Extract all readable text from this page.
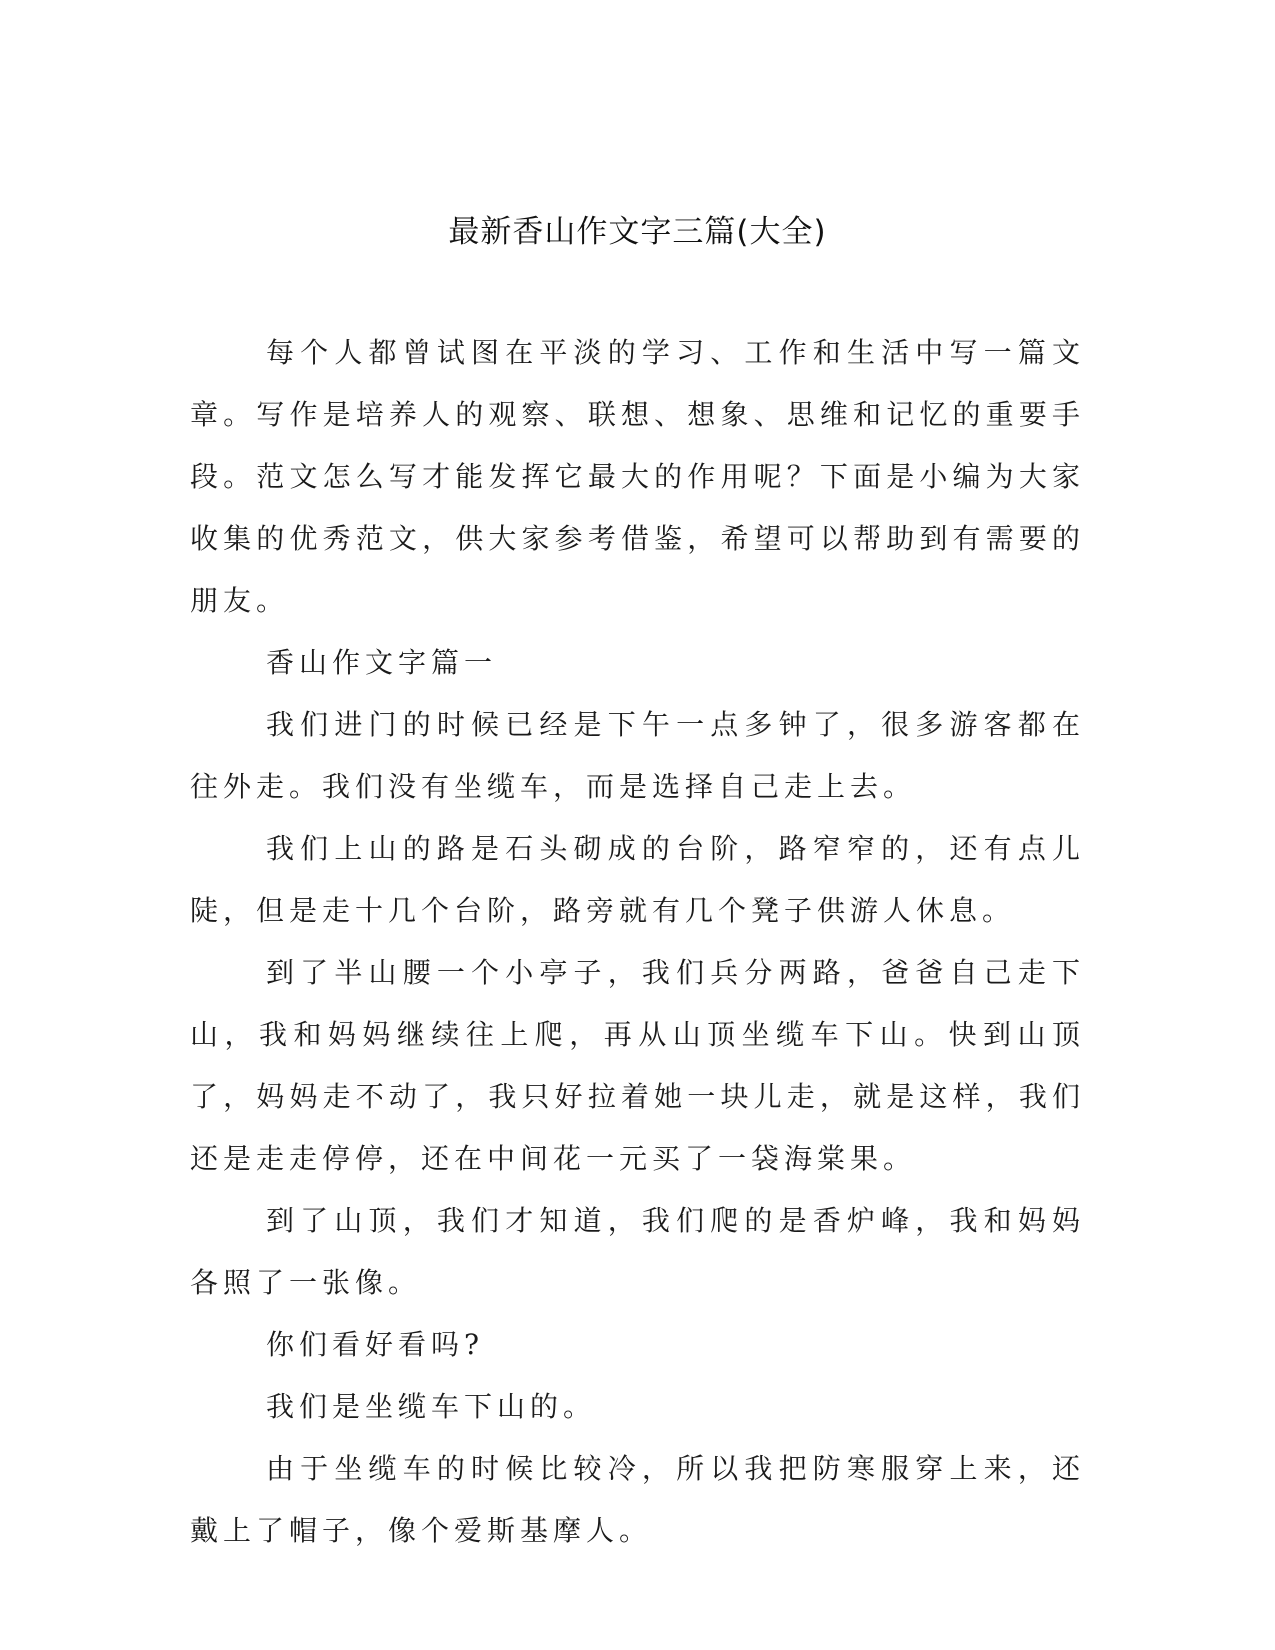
最新香山作文字三篇(大全)

每个人都曾试图在平淡的学习、工作和生活中写一篇文章。写作是培养人的观察、联想、想象、思维和记忆的重要手段。范文怎么写才能发挥它最大的作用呢？下面是小编为大家收集的优秀范文，供大家参考借鉴，希望可以帮助到有需要的朋友。

香山作文字篇一

我们进门的时候已经是下午一点多钟了，很多游客都在往外走。我们没有坐缆车，而是选择自己走上去。

我们上山的路是石头砌成的台阶，路窄窄的，还有点儿陡，但是走十几个台阶，路旁就有几个凳子供游人休息。

到了半山腰一个小亭子，我们兵分两路，爸爸自己走下山，我和妈妈继续往上爬，再从山顶坐缆车下山。快到山顶了，妈妈走不动了，我只好拉着她一块儿走，就是这样，我们还是走走停停，还在中间花一元买了一袋海棠果。

到了山顶，我们才知道，我们爬的是香炉峰，我和妈妈各照了一张像。

你们看好看吗?

我们是坐缆车下山的。

由于坐缆车的时候比较冷，所以我把防寒服穿上来，还戴上了帽子，像个爱斯基摩人。
